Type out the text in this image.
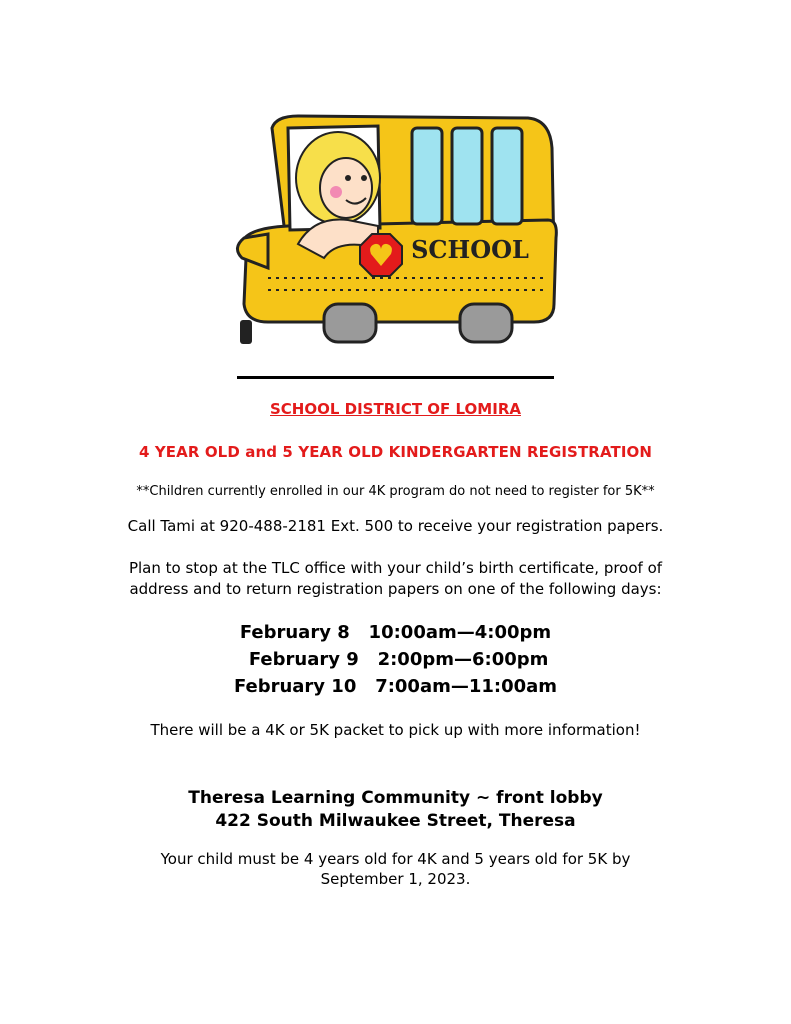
SCHOOL
SCHOOL DISTRICT OF LOMIRA
4 YEAR OLD and 5 YEAR OLD KINDERGARTEN REGISTRATION
**Children currently enrolled in our 4K program do not need to register for 5K**
Call Tami at 920-488-2181 Ext. 500 to receive your registration papers.
Plan to stop at the TLC office with your child’s birth certificate, proof of
address and to return registration papers on one of the following days:
February 8 10:00am—4:00pm
February 9 2:00pm—6:00pm
February 10 7:00am—11:00am
There will be a 4K or 5K packet to pick up with more information!
Theresa Learning Community ~ front lobby
422 South Milwaukee Street, Theresa
Your child must be 4 years old for 4K and 5 years old for 5K by
September 1, 2023.
